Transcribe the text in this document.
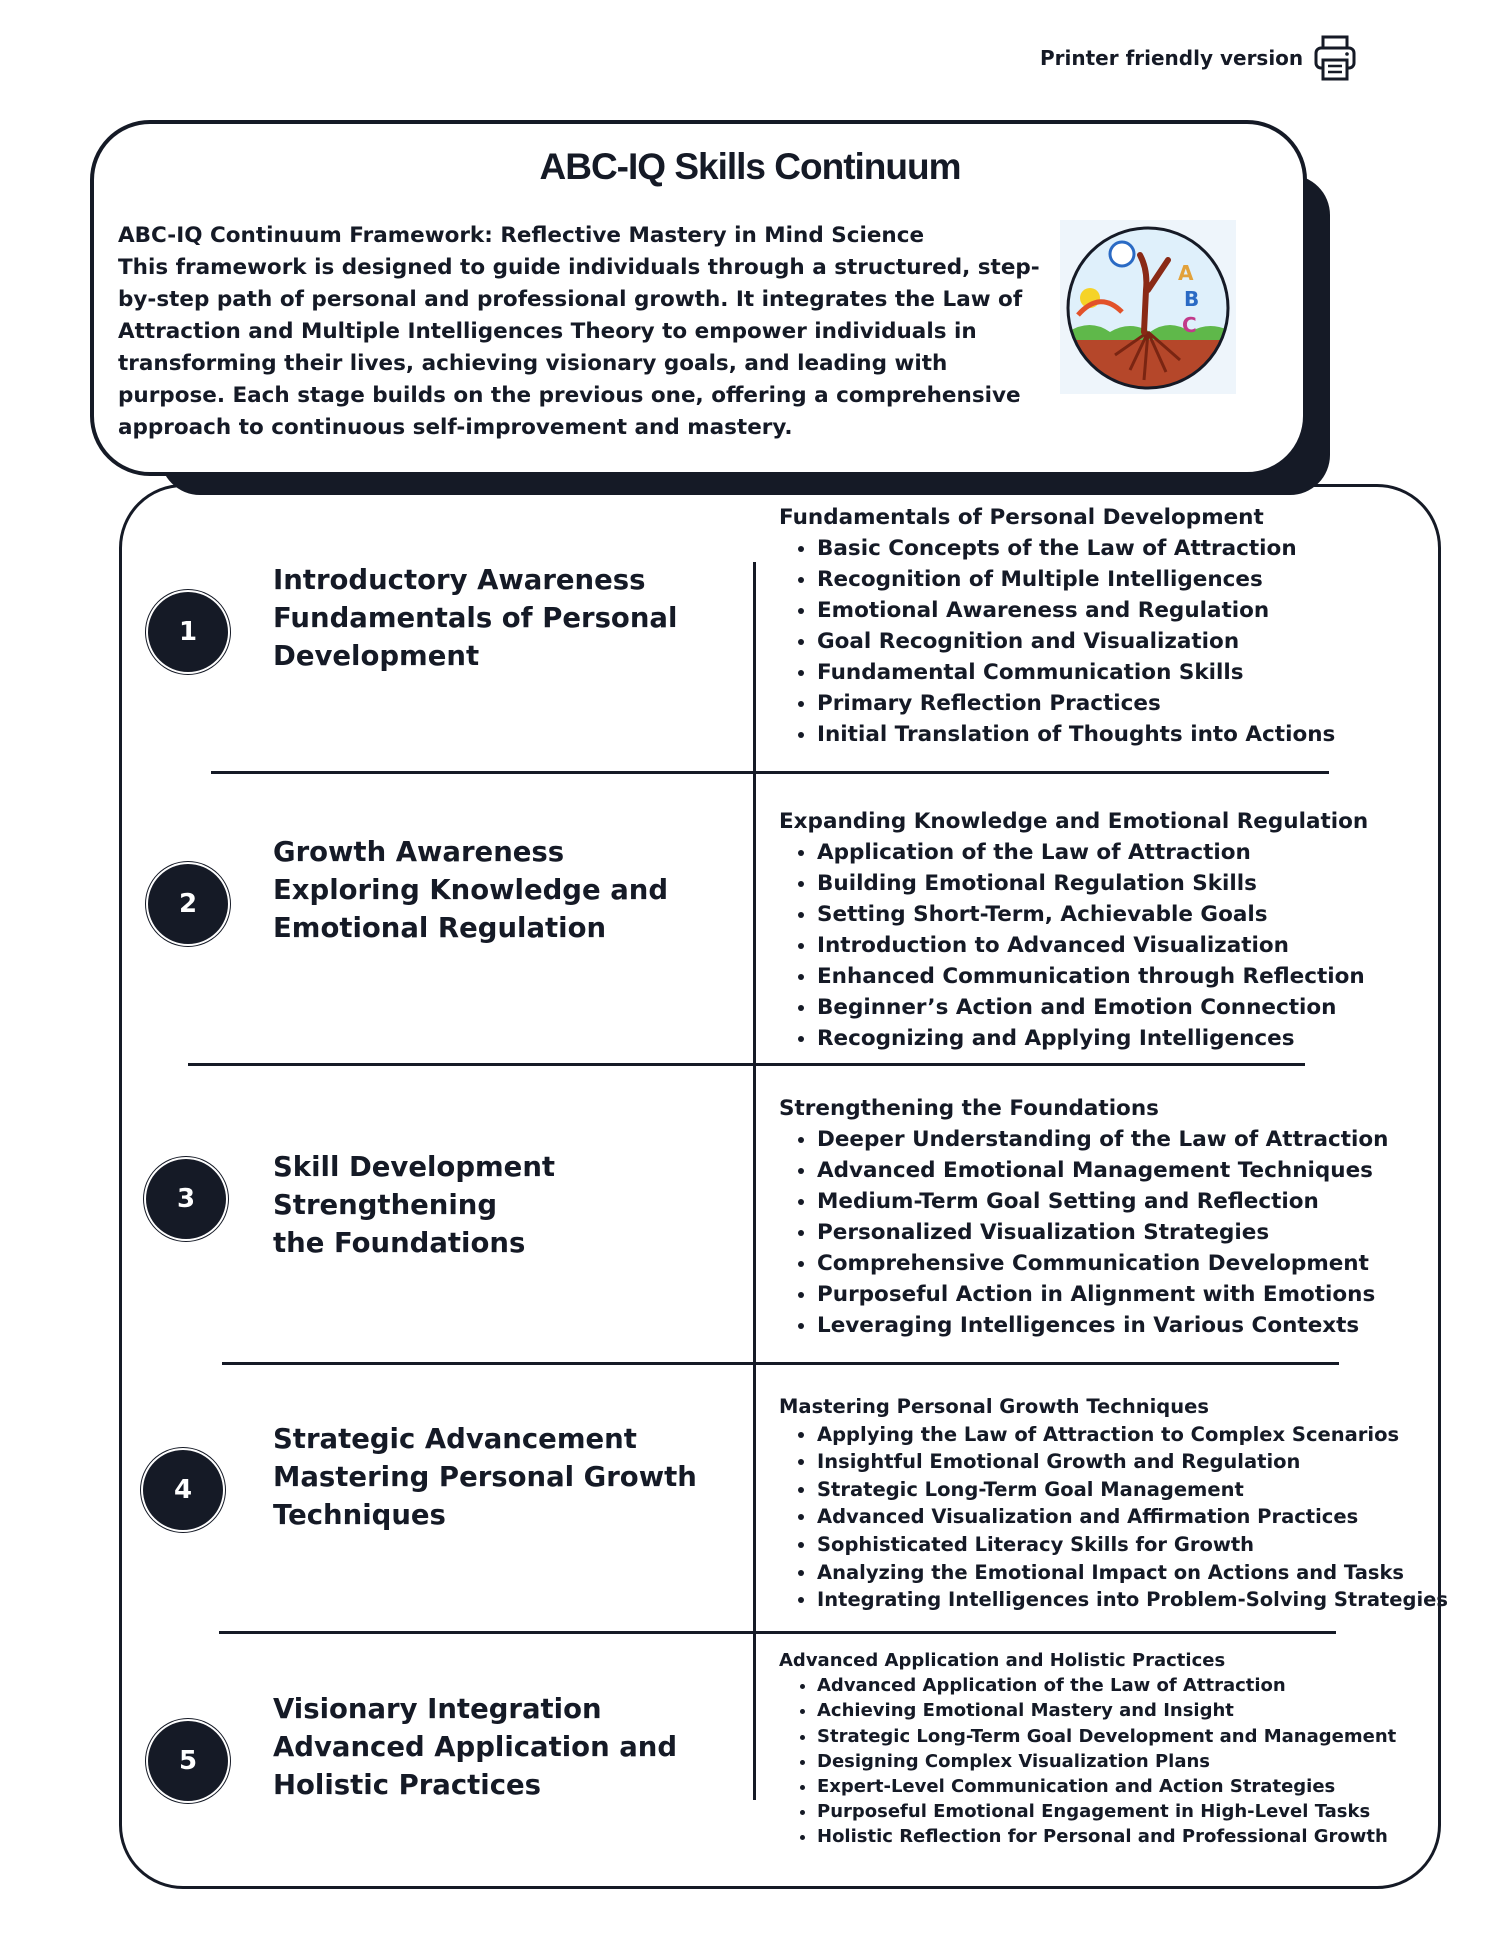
Printer friendly version
ABC-IQ Skills Continuum

ABC-IQ Continuum Framework: Reflective Mastery in Mind Science

This framework is designed to guide individuals through a structured, step-by-step path of personal and professional growth. It integrates the Law of Attraction and Multiple Intelligences Theory to empower individuals in transforming their lives, achieving visionary goals, and leading with purpose. Each stage builds on the previous one, offering a comprehensive approach to continuous self-improvement and mastery.

A
B
C
1

Introductory Awareness

Fundamentals of Personal

Development

Fundamentals of Personal Development

• Basic Concepts of the Law of Attraction
• Recognition of Multiple Intelligences
• Emotional Awareness and Regulation
• Goal Recognition and Visualization
• Fundamental Communication Skills
• Primary Reflection Practices
• Initial Translation of Thoughts into Actions
2

Growth Awareness

Exploring Knowledge and

Emotional Regulation

Expanding Knowledge and Emotional Regulation

• Application of the Law of Attraction
• Building Emotional Regulation Skills
• Setting Short-Term, Achievable Goals
• Introduction to Advanced Visualization
• Enhanced Communication through Reflection
• Beginner’s Action and Emotion Connection
• Recognizing and Applying Intelligences
3

Skill Development Strengthening

the Foundations

Strengthening the Foundations

• Deeper Understanding of the Law of Attraction
• Advanced Emotional Management Techniques
• Medium-Term Goal Setting and Reflection
• Personalized Visualization Strategies
• Comprehensive Communication Development
• Purposeful Action in Alignment with Emotions
• Leveraging Intelligences in Various Contexts
4

Strategic Advancement

Mastering Personal Growth

Techniques

Mastering Personal Growth Techniques

• Applying the Law of Attraction to Complex Scenarios
• Insightful Emotional Growth and Regulation
• Strategic Long-Term Goal Management
• Advanced Visualization and Affirmation Practices
• Sophisticated Literacy Skills for Growth
• Analyzing the Emotional Impact on Actions and Tasks
• Integrating Intelligences into Problem-Solving Strategies
5

Visionary Integration

Advanced Application and

Holistic Practices

Advanced Application and Holistic Practices

• Advanced Application of the Law of Attraction
• Achieving Emotional Mastery and Insight
• Strategic Long-Term Goal Development and Management
• Designing Complex Visualization Plans
• Expert-Level Communication and Action Strategies
• Purposeful Emotional Engagement in High-Level Tasks
• Holistic Reflection for Personal and Professional Growth
